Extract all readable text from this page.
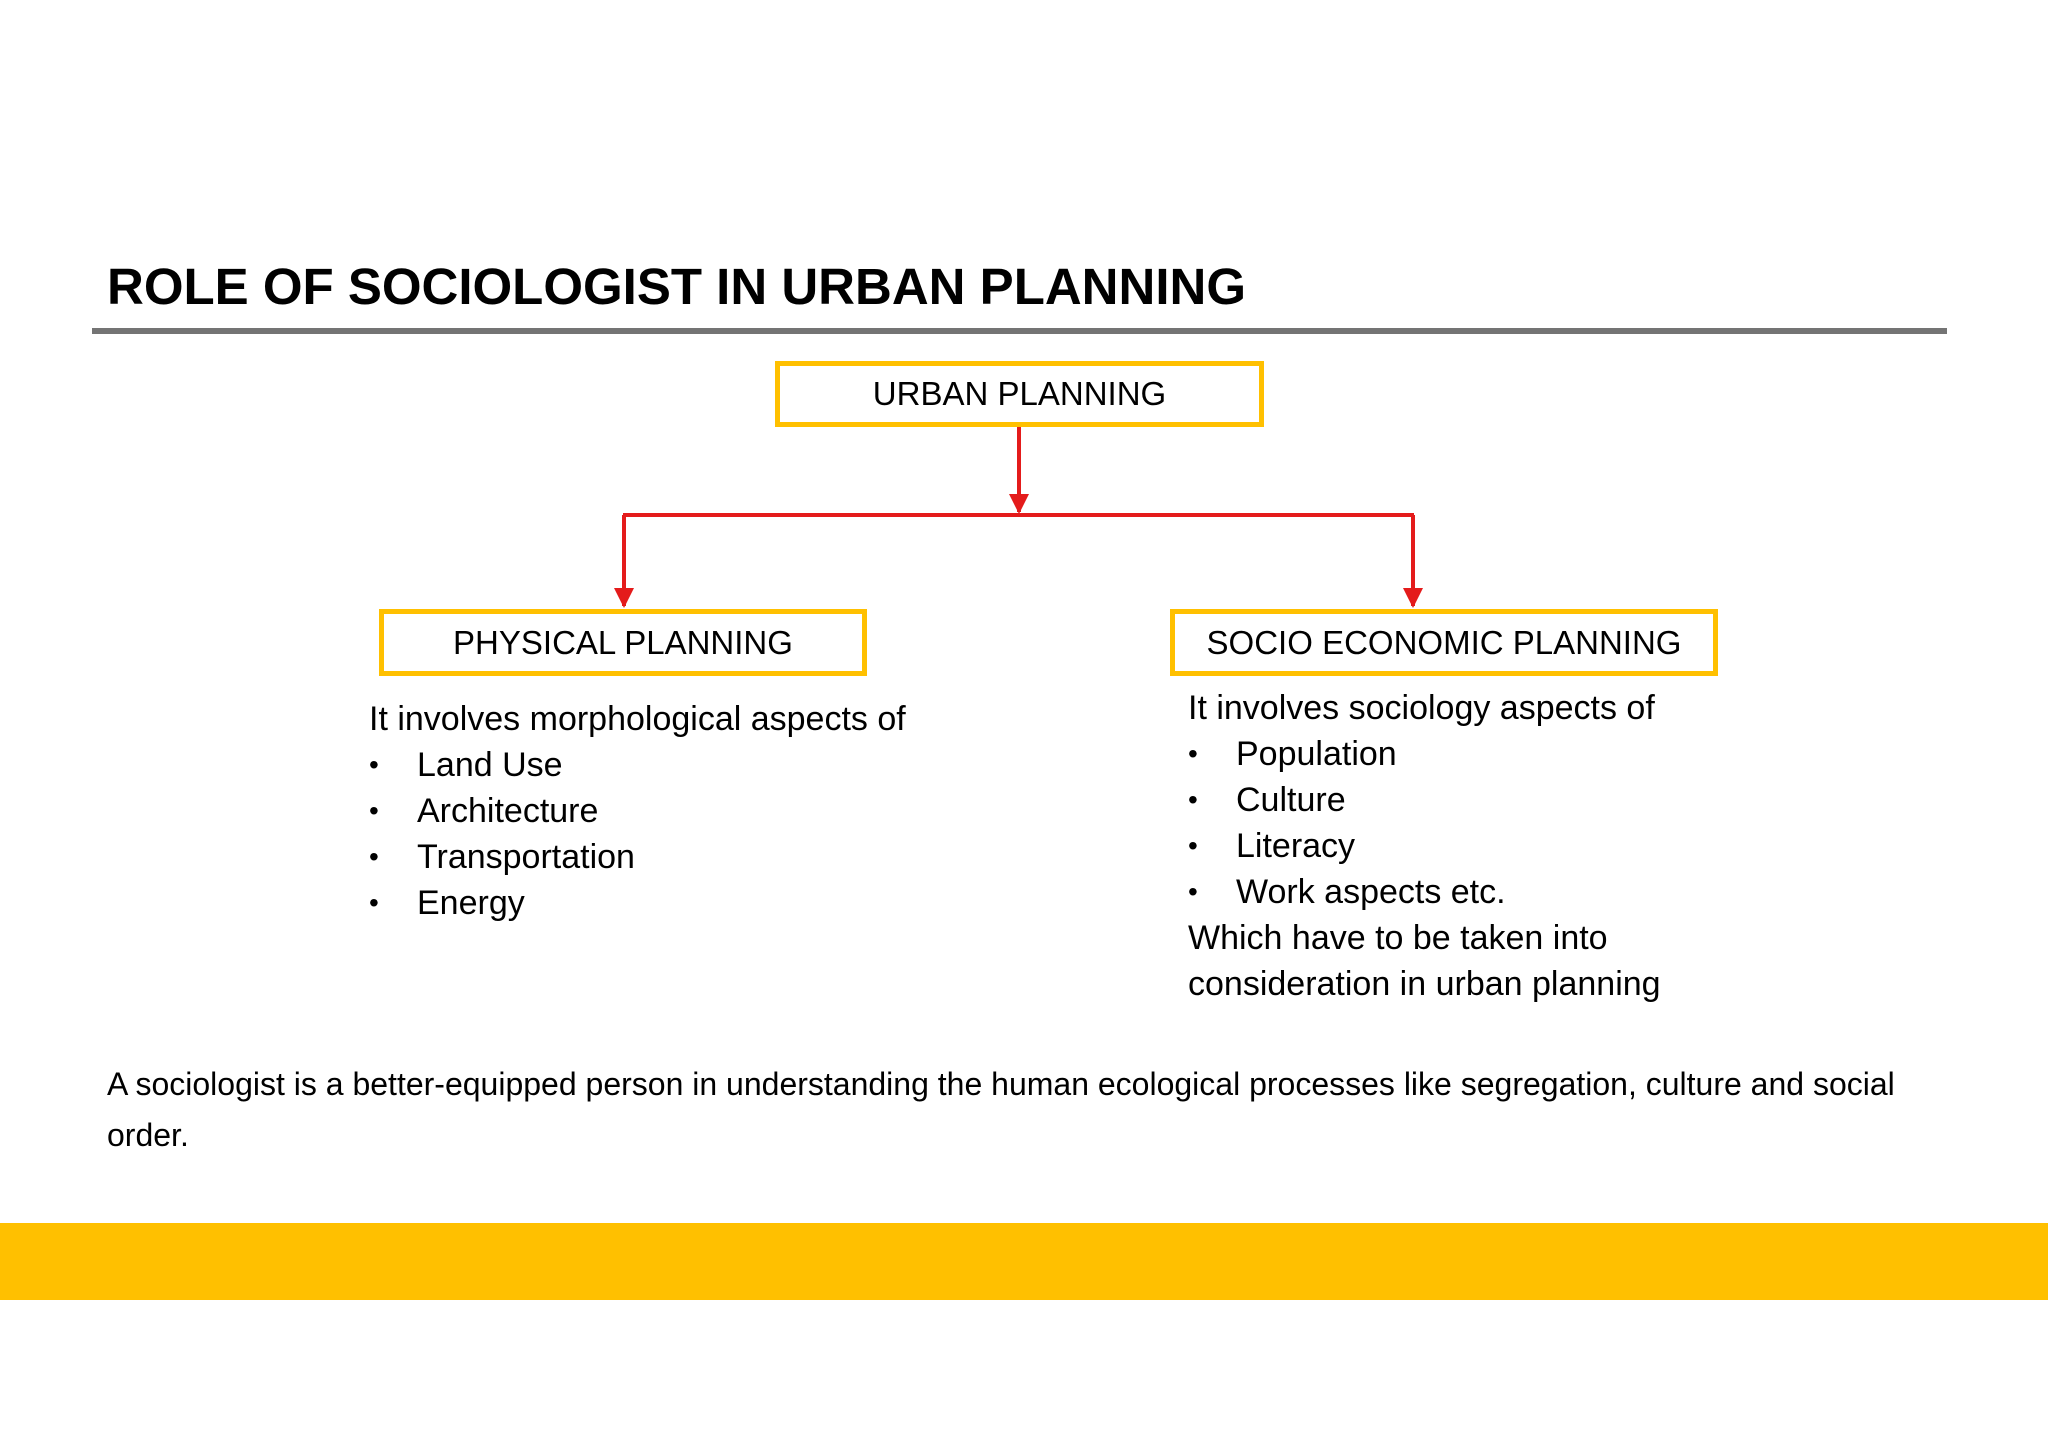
ROLE OF SOCIOLOGIST IN URBAN PLANNING
URBAN PLANNING
PHYSICAL PLANNING	SOCIO ECONOMIC PLANNING

It involves morphological aspects of

• Land Use
• Architecture
• Transportation
• Energy

It involves sociology aspects of

• Population
• Culture
• Literacy
• Work aspects etc.

Which have to be taken into

consideration in urban planning

A sociologist is a better-equipped person in understanding the human ecological processes like segregation, culture and social order.
